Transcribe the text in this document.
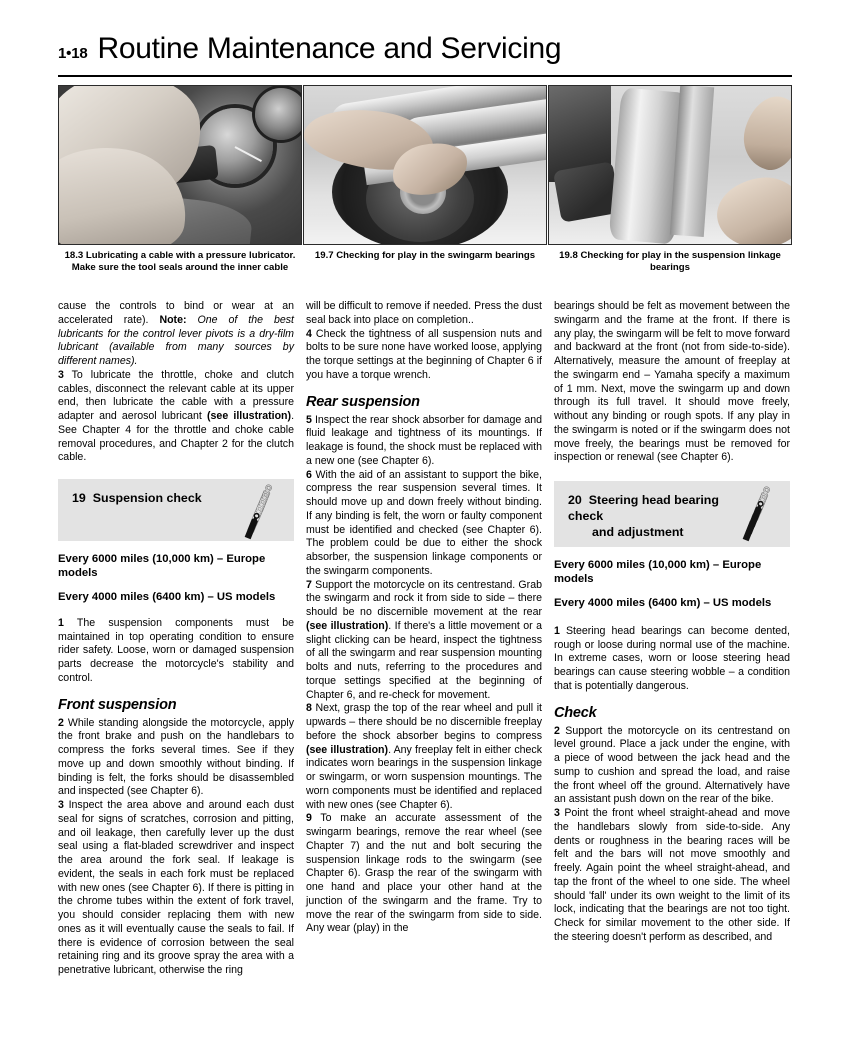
1•18 Routine Maintenance and Servicing
18.3 Lubricating a cable with a pressure lubricator. Make sure the tool seals around the inner cable
19.7 Checking for play in the swingarm bearings	19.8 Checking for play in the suspension linkage bearings

cause the controls to bind or wear at an accelerated rate). Note: One of the best lubricants for the control lever pivots is a dry-film lubricant (available from many sources by different names).

3 To lubricate the throttle, choke and clutch cables, disconnect the relevant cable at its upper end, then lubricate the cable with a pressure adapter and aerosol lubricant (see illustration). See Chapter 4 for the throttle and choke cable removal procedures, and Chapter 2 for the clutch cable.

19 Suspension check
Every 6000 miles (10,000 km) – Europe models
Every 4000 miles (6400 km) – US models

1 The suspension components must be maintained in top operating condition to ensure rider safety. Loose, worn or damaged suspension parts decrease the motorcycle's stability and control.

Front suspension

2 While standing alongside the motorcycle, apply the front brake and push on the handlebars to compress the forks several times. See if they move up and down smoothly without binding. If binding is felt, the forks should be disassembled and inspected (see Chapter 6).

3 Inspect the area above and around each dust seal for signs of scratches, corrosion and pitting, and oil leakage, then carefully lever up the dust seal using a flat-bladed screwdriver and inspect the area around the fork seal. If leakage is evident, the seals in each fork must be replaced with new ones (see Chapter 6). If there is pitting in the chrome tubes within the extent of fork travel, you should consider replacing them with new ones as it will eventually cause the seals to fail. If there is evidence of corrosion between the seal retaining ring and its groove spray the area with a penetrative lubricant, otherwise the ring

will be difficult to remove if needed. Press the dust seal back into place on completion..

4 Check the tightness of all suspension nuts and bolts to be sure none have worked loose, applying the torque settings at the beginning of Chapter 6 if you have a torque wrench.

Rear suspension

5 Inspect the rear shock absorber for damage and fluid leakage and tightness of its mountings. If leakage is found, the shock must be replaced with a new one (see Chapter 6).

6 With the aid of an assistant to support the bike, compress the rear suspension several times. It should move up and down freely without binding. If any binding is felt, the worn or faulty component must be identified and checked (see Chapter 6). The problem could be due to either the shock absorber, the suspension linkage components or the swingarm components.

7 Support the motorcycle on its centrestand. Grab the swingarm and rock it from side to side – there should be no discernible movement at the rear (see illustration). If there's a little movement or a slight clicking can be heard, inspect the tightness of all the swingarm and rear suspension mounting bolts and nuts, referring to the procedures and torque settings specified at the beginning of Chapter 6, and re-check for movement.

8 Next, grasp the top of the rear wheel and pull it upwards – there should be no discernible freeplay before the shock absorber begins to compress (see illustration). Any freeplay felt in either check indicates worn bearings in the suspension linkage or swingarm, or worn suspension mountings. The worn components must be identified and replaced with new ones (see Chapter 6).

9 To make an accurate assessment of the swingarm bearings, remove the rear wheel (see Chapter 7) and the nut and bolt securing the suspension linkage rods to the swingarm (see Chapter 6). Grasp the rear of the swingarm with one hand and place your other hand at the junction of the swingarm and the frame. Try to move the rear of the swingarm from side to side. Any wear (play) in the

bearings should be felt as movement between the swingarm and the frame at the front. If there is any play, the swingarm will be felt to move forward and backward at the front (not from side-to-side). Alternatively, measure the amount of freeplay at the swingarm end – Yamaha specify a maximum of 1 mm. Next, move the swingarm up and down through its full travel. It should move freely, without any binding or rough spots. If any play in the swingarm is noted or if the swingarm does not move freely, the bearings must be removed for inspection or renewal (see Chapter 6).

20 Steering head bearing check
and adjustment
Every 6000 miles (10,000 km) – Europe models
Every 4000 miles (6400 km) – US models

1 Steering head bearings can become dented, rough or loose during normal use of the machine. In extreme cases, worn or loose steering head bearings can cause steering wobble – a condition that is potentially dangerous.

Check

2 Support the motorcycle on its centrestand on level ground. Place a jack under the engine, with a piece of wood between the jack head and the sump to cushion and spread the load, and raise the front wheel off the ground. Alternatively have an assistant push down on the rear of the bike.

3 Point the front wheel straight-ahead and move the handlebars slowly from side-to-side. Any dents or roughness in the bearing races will be felt and the bars will not move smoothly and freely. Again point the wheel straight-ahead, and tap the front of the wheel to one side. The wheel should 'fall' under its own weight to the limit of its lock, indicating that the bearings are not too tight. Check for similar movement to the other side. If the steering doesn't perform as described, and
